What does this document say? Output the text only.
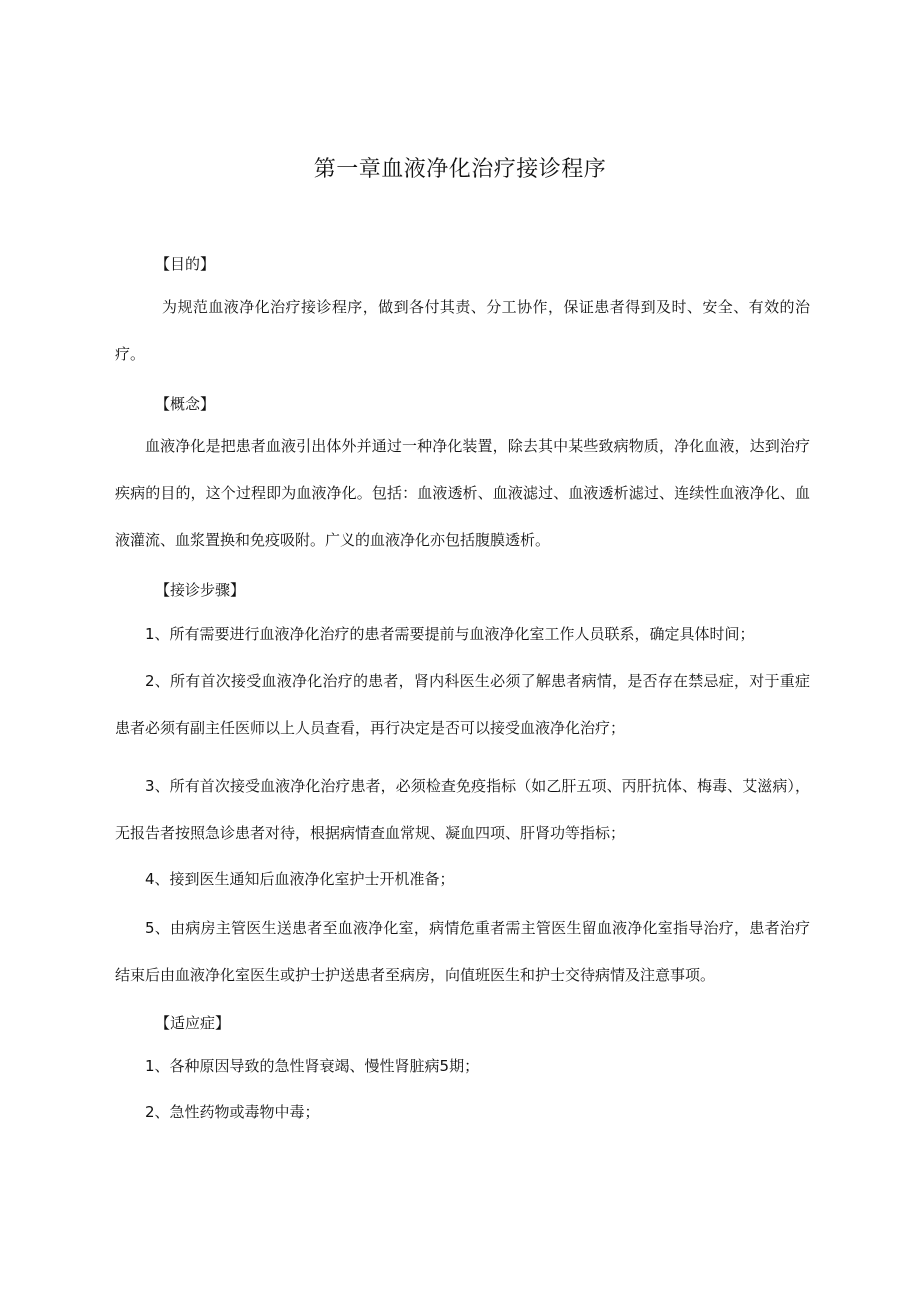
第一章血液净化治疗接诊程序

【目的】

为规范血液净化治疗接诊程序，做到各付其责、分工协作，保证患者得到及时、安全、有效的治疗。

【概念】

血液净化是把患者血液引出体外并通过一种净化装置，除去其中某些致病物质，净化血液，达到治疗疾病的目的，这个过程即为血液净化。包括：血液透析、血液滤过、血液透析滤过、连续性血液净化、血液灌流、血浆置换和免疫吸附。广义的血液净化亦包括腹膜透析。

【接诊步骤】

1、所有需要进行血液净化治疗的患者需要提前与血液净化室工作人员联系，确定具体时间；

2、所有首次接受血液净化治疗的患者，肾内科医生必须了解患者病情，是否存在禁忌症，对于重症患者必须有副主任医师以上人员查看，再行决定是否可以接受血液净化治疗；

3、所有首次接受血液净化治疗患者，必须检查免疫指标（如乙肝五项、丙肝抗体、梅毒、艾滋病），无报告者按照急诊患者对待，根据病情查血常规、凝血四项、肝肾功等指标；

4、接到医生通知后血液净化室护士开机准备；

5、由病房主管医生送患者至血液净化室，病情危重者需主管医生留血液净化室指导治疗，患者治疗结束后由血液净化室医生或护士护送患者至病房，向值班医生和护士交待病情及注意事项。

【适应症】

1、各种原因导致的急性肾衰竭、慢性肾脏病5期；

2、急性药物或毒物中毒；
